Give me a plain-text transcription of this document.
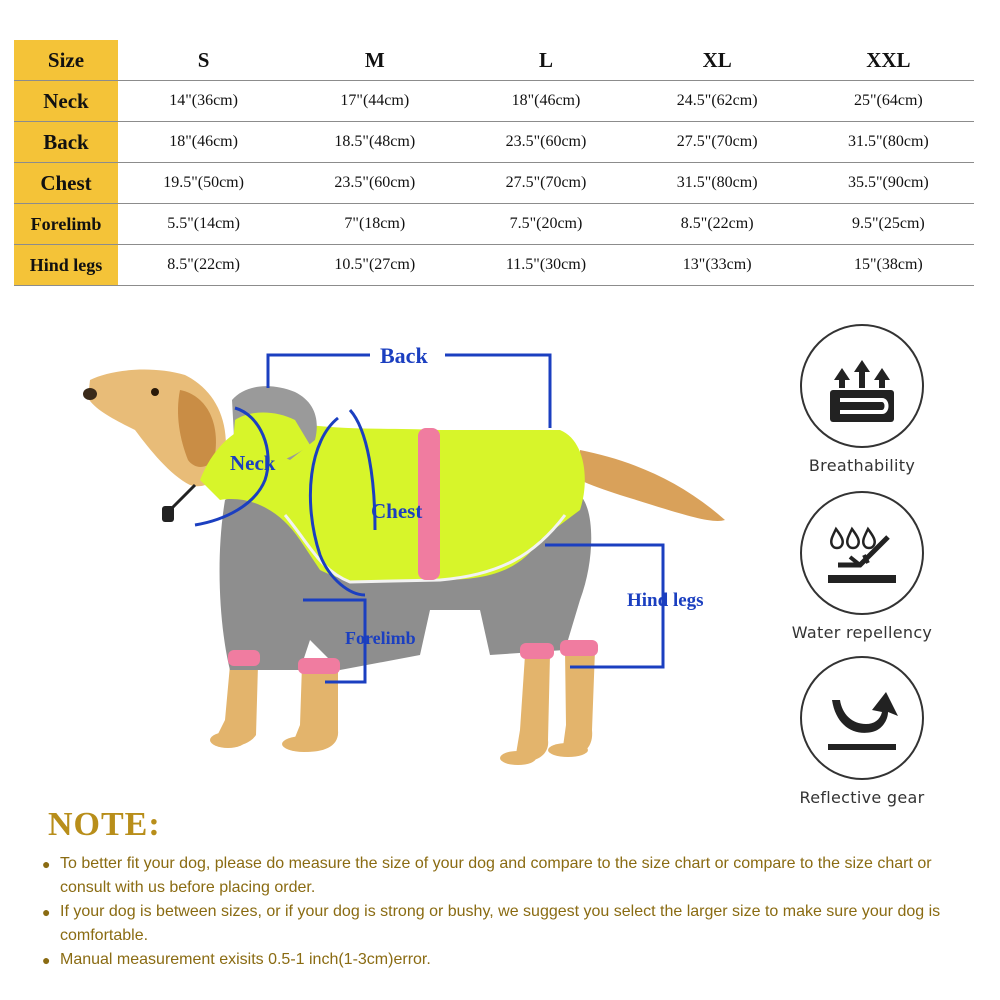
Size	S	M	L	XL	XXL
Neck	14"(36cm)	17"(44cm)	18"(46cm)	24.5"(62cm)	25"(64cm)
Back	18"(46cm)	18.5"(48cm)	23.5"(60cm)	27.5"(70cm)	31.5"(80cm)
Chest	19.5"(50cm)	23.5"(60cm)	27.5"(70cm)	31.5"(80cm)	35.5"(90cm)
Forelimb	5.5"(14cm)	7"(18cm)	7.5"(20cm)	8.5"(22cm)	9.5"(25cm)
Hind legs	8.5"(22cm)	10.5"(27cm)	11.5"(30cm)	13"(33cm)	15"(38cm)
Back
Neck
Chest
Forelimb
Hind legs
Breathability
Water repellency
Reflective gear
NOTE:
● To better fit your dog, please do measure the size of your dog and compare to the size chart or compare to the size chart or consult with us before placing order.
● If your dog is between sizes, or if your dog is strong or bushy, we suggest you select the larger size to make sure your dog is comfortable.
● Manual measurement exisits 0.5-1 inch(1-3cm)error.
